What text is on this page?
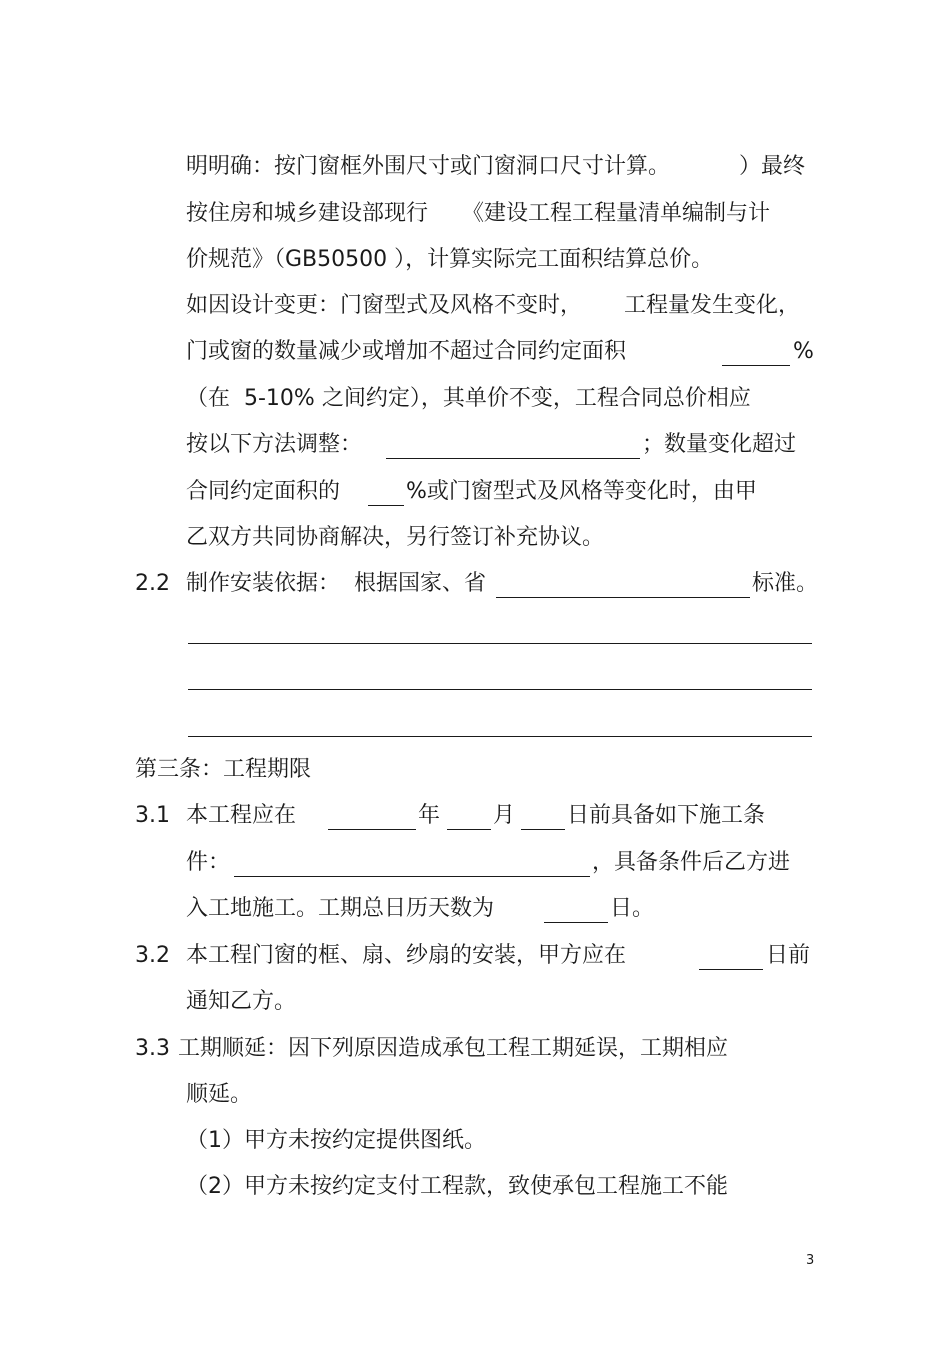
明明确：按门窗框外围尺寸或门窗洞口尺寸计算。	）最终
按住房和城乡建设部现行 《建设工程工程量清单编制与计
价规范》（GB50500 ），计算实际完工面积结算总价。
如因设计变更：门窗型式及风格不变时， 工程量发生变化，
门或窗的数量减少或增加不超过合同约定面积	%
（在  5-10% 之间约定），其单价不变，工程合同总价相应
按以下方法调整：	；数量变化超过
合同约定面积的	%或门窗型式及风格等变化时，由甲
乙双方共同协商解决，另行签订补充协议。
2.2 制作安装依据：  根据国家、省	标准。
第三条：工程期限
3.1 本工程应在	年 月 日前具备如下施工条
件：	，具备条件后乙方进
入工地施工。工期总日历天数为	日。
3.2 本工程门窗的框、扇、纱扇的安装，甲方应在	日前
通知乙方。
3.3 工期顺延：因下列原因造成承包工程工期延误，工期相应
顺延。
（1）甲方未按约定提供图纸。
（2）甲方未按约定支付工程款，致使承包工程施工不能
3
